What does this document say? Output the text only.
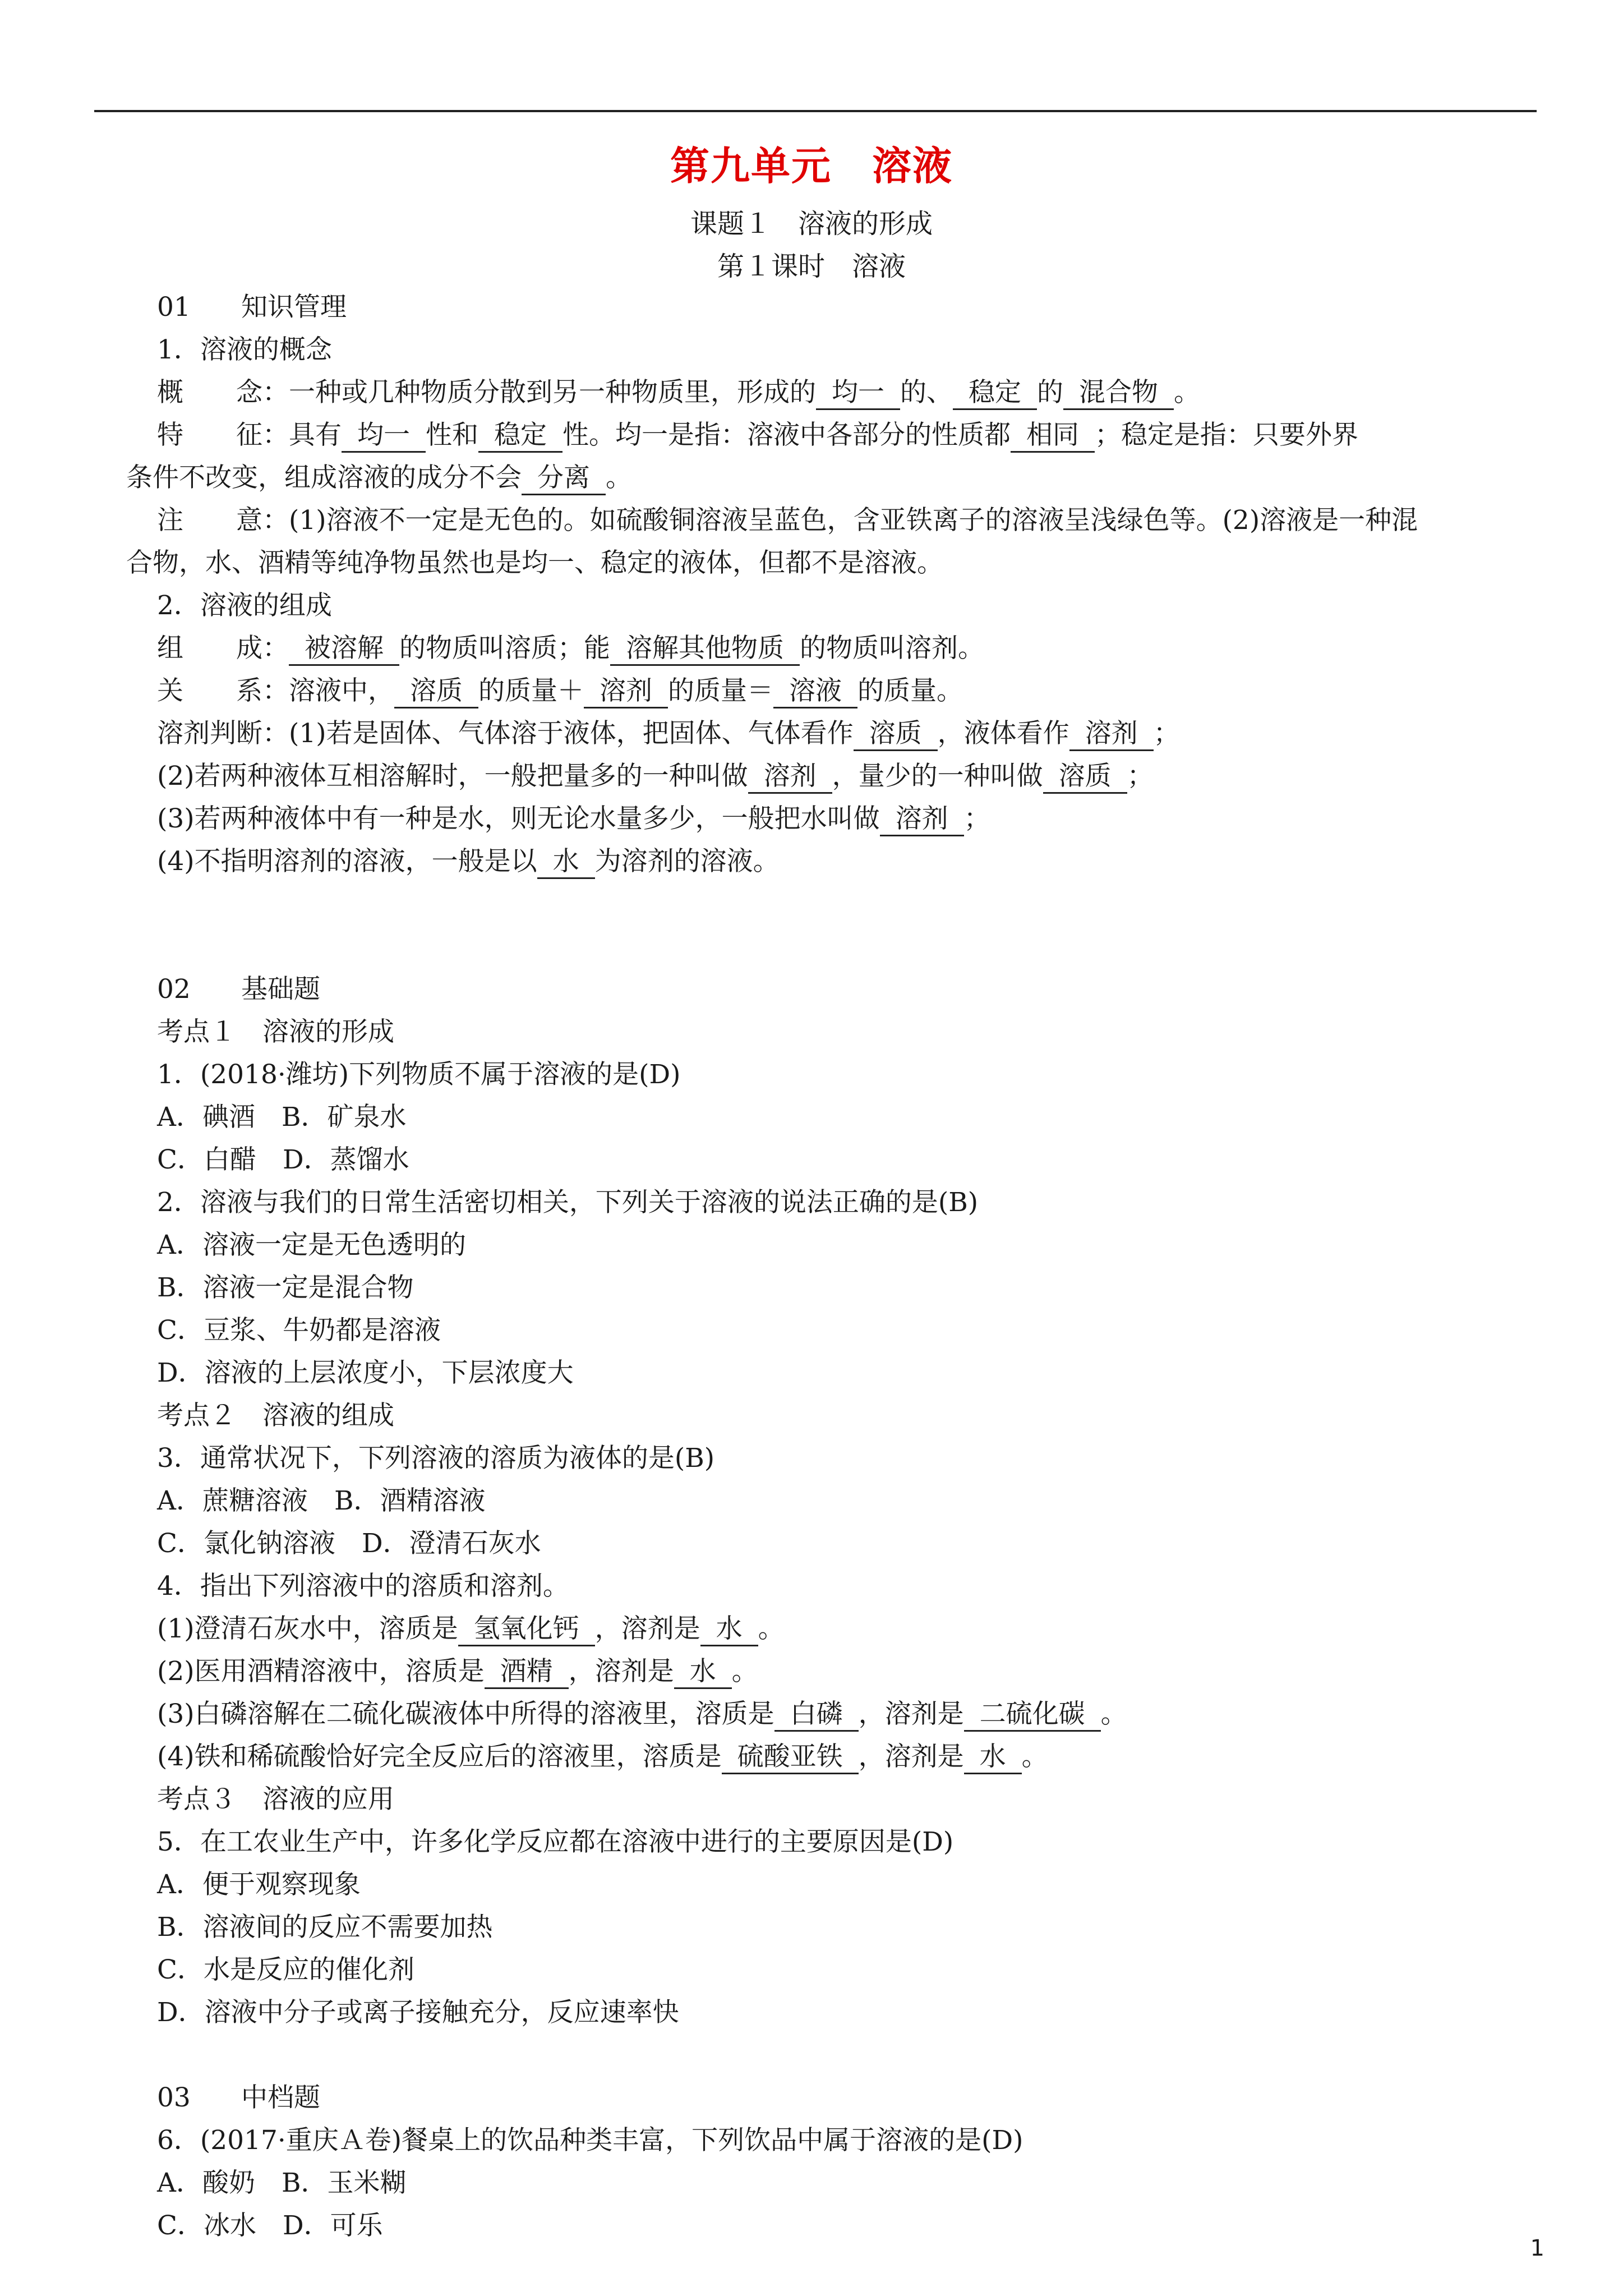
第九单元　溶液
课题１　溶液的形成
第１课时　溶液
01 知识管理
1．溶液的概念
概　　念：一种或几种物质分散到另一种物质里，形成的 均一 的、 稳定 的 混合物 。
特　　征：具有 均一 性和 稳定 性。均一是指：溶液中各部分的性质都 相同 ；稳定是指：只要外界
条件不改变，组成溶液的成分不会 分离 。
注　　意：(1)溶液不一定是无色的。如硫酸铜溶液呈蓝色，含亚铁离子的溶液呈浅绿色等。(2)溶液是一种混
合物，水、酒精等纯净物虽然也是均一、稳定的液体，但都不是溶液。
2．溶液的组成
组　　成： 被溶解 的物质叫溶质；能 溶解其他物质 的物质叫溶剂。
关　　系：溶液中， 溶质 的质量＋ 溶剂 的质量＝ 溶液 的质量。
溶剂判断：(1)若是固体、气体溶于液体，把固体、气体看作 溶质 ，液体看作 溶剂 ；
(2)若两种液体互相溶解时，一般把量多的一种叫做 溶剂 ，量少的一种叫做 溶质 ；
(3)若两种液体中有一种是水，则无论水量多少，一般把水叫做 溶剂 ；
(4)不指明溶剂的溶液，一般是以 水 为溶剂的溶液。
02 基础题
考点１　溶液的形成
1．(2018·潍坊)下列物质不属于溶液的是(D)
A．碘酒　B．矿泉水
C．白醋　D．蒸馏水
2．溶液与我们的日常生活密切相关，下列关于溶液的说法正确的是(B)
A．溶液一定是无色透明的
B．溶液一定是混合物
C．豆浆、牛奶都是溶液
D．溶液的上层浓度小，下层浓度大
考点２　溶液的组成
3．通常状况下，下列溶液的溶质为液体的是(B)
A．蔗糖溶液　B．酒精溶液
C．氯化钠溶液　D．澄清石灰水
4．指出下列溶液中的溶质和溶剂。
(1)澄清石灰水中，溶质是 氢氧化钙 ，溶剂是 水 。
(2)医用酒精溶液中，溶质是 酒精 ，溶剂是 水 。
(3)白磷溶解在二硫化碳液体中所得的溶液里，溶质是 白磷 ，溶剂是 二硫化碳 。
(4)铁和稀硫酸恰好完全反应后的溶液里，溶质是 硫酸亚铁 ，溶剂是 水 。
考点３　溶液的应用
5．在工农业生产中，许多化学反应都在溶液中进行的主要原因是(D)
A．便于观察现象
B．溶液间的反应不需要加热
C．水是反应的催化剂
D．溶液中分子或离子接触充分，反应速率快
03 中档题
6．(2017·重庆Ａ卷)餐桌上的饮品种类丰富，下列饮品中属于溶液的是(D)
A．酸奶　B．玉米糊
C．冰水　D．可乐
1
